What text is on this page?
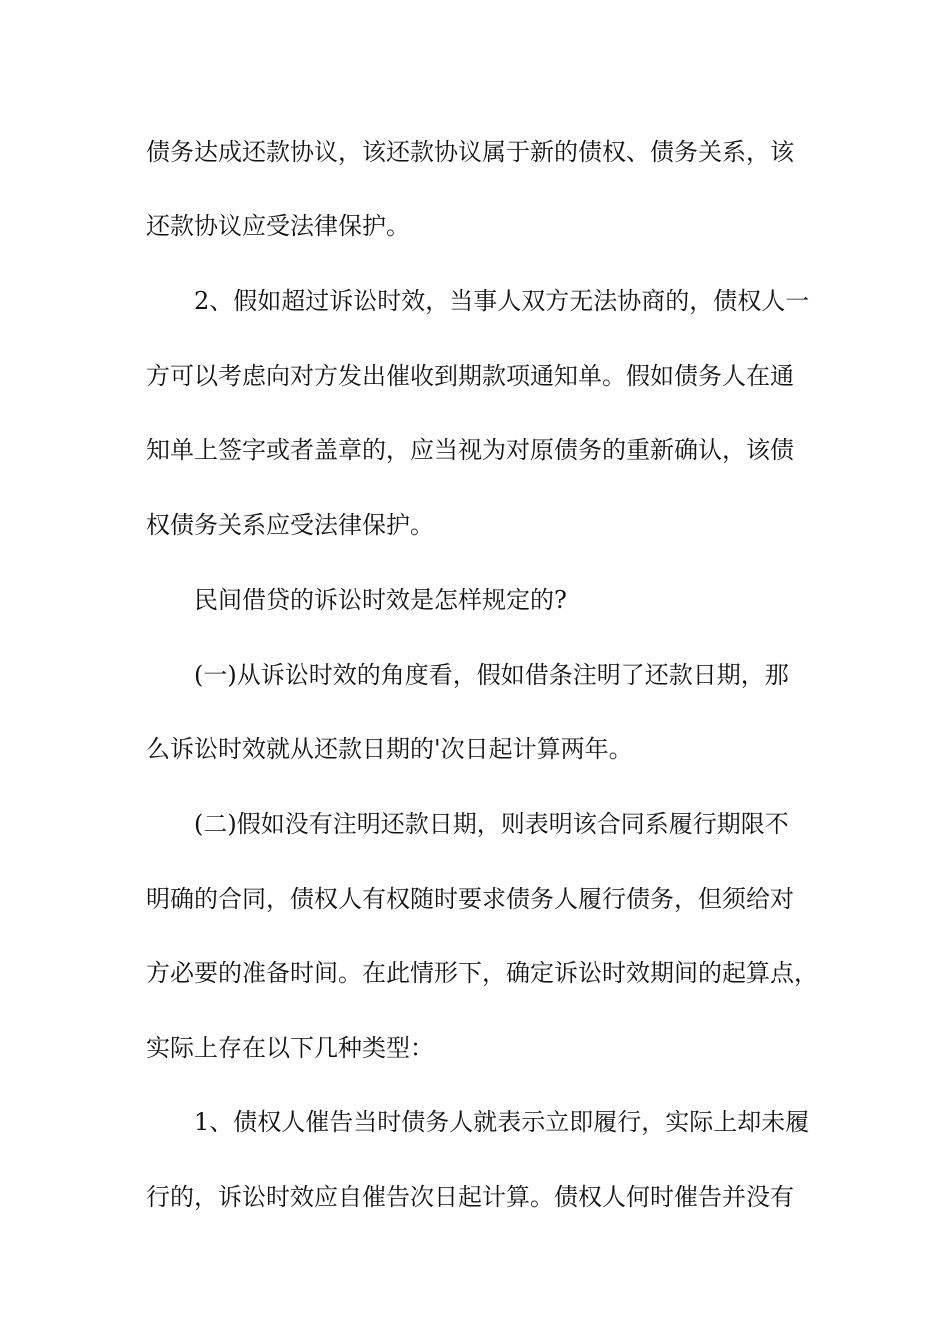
债务达成还款协议，该还款协议属于新的债权、债务关系，该
还款协议应受法律保护。
2、假如超过诉讼时效，当事人双方无法协商的，债权人一
方可以考虑向对方发出催收到期款项通知单。假如债务人在通
知单上签字或者盖章的，应当视为对原债务的重新确认，该债
权债务关系应受法律保护。
民间借贷的诉讼时效是怎样规定的?
(一)从诉讼时效的角度看，假如借条注明了还款日期，那
么诉讼时效就从还款日期的'次日起计算两年。
(二)假如没有注明还款日期，则表明该合同系履行期限不
明确的合同，债权人有权随时要求债务人履行债务，但须给对
方必要的准备时间。在此情形下，确定诉讼时效期间的起算点，
实际上存在以下几种类型：
1、债权人催告当时债务人就表示立即履行，实际上却未履
行的，诉讼时效应自催告次日起计算。债权人何时催告并没有
